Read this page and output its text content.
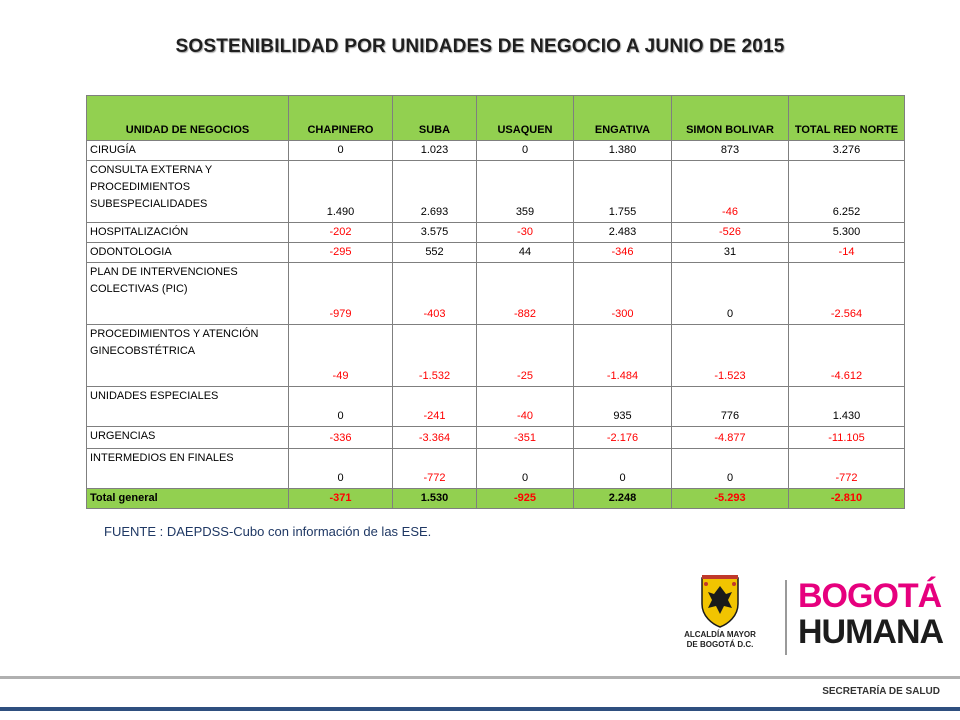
SOSTENIBILIDAD POR UNIDADES DE NEGOCIO A JUNIO DE 2015
UNIDAD DE NEGOCIOS	CHAPINERO	SUBA	USAQUEN	ENGATIVA	SIMON BOLIVAR	TOTAL RED NORTE
CIRUGÍA	0	1.023	0	1.380	873	3.276
CONSULTA EXTERNA Y PROCEDIMIENTOS SUBESPECIALIDADES	1.490	2.693	359	1.755	-46	6.252
HOSPITALIZACIÓN	-202	3.575	-30	2.483	-526	5.300
ODONTOLOGIA	-295	552	44	-346	31	-14
PLAN DE INTERVENCIONES COLECTIVAS (PIC)	-979	-403	-882	-300	0	-2.564
PROCEDIMIENTOS Y ATENCIÓN GINECOBSTÉTRICA	-49	-1.532	-25	-1.484	-1.523	-4.612
UNIDADES ESPECIALES	0	-241	-40	935	776	1.430
URGENCIAS	-336	-3.364	-351	-2.176	-4.877	-11.105
INTERMEDIOS EN FINALES	0	-772	0	0	0	-772
Total general	-371	1.530	-925	2.248	-5.293	-2.810
FUENTE : DAEPDSS-Cubo con información de las ESE.
ALCALDÍA MAYOR
DE BOGOTÁ D.C.
BOGOTÁ
HUMANA
SECRETARÍA DE SALUD
